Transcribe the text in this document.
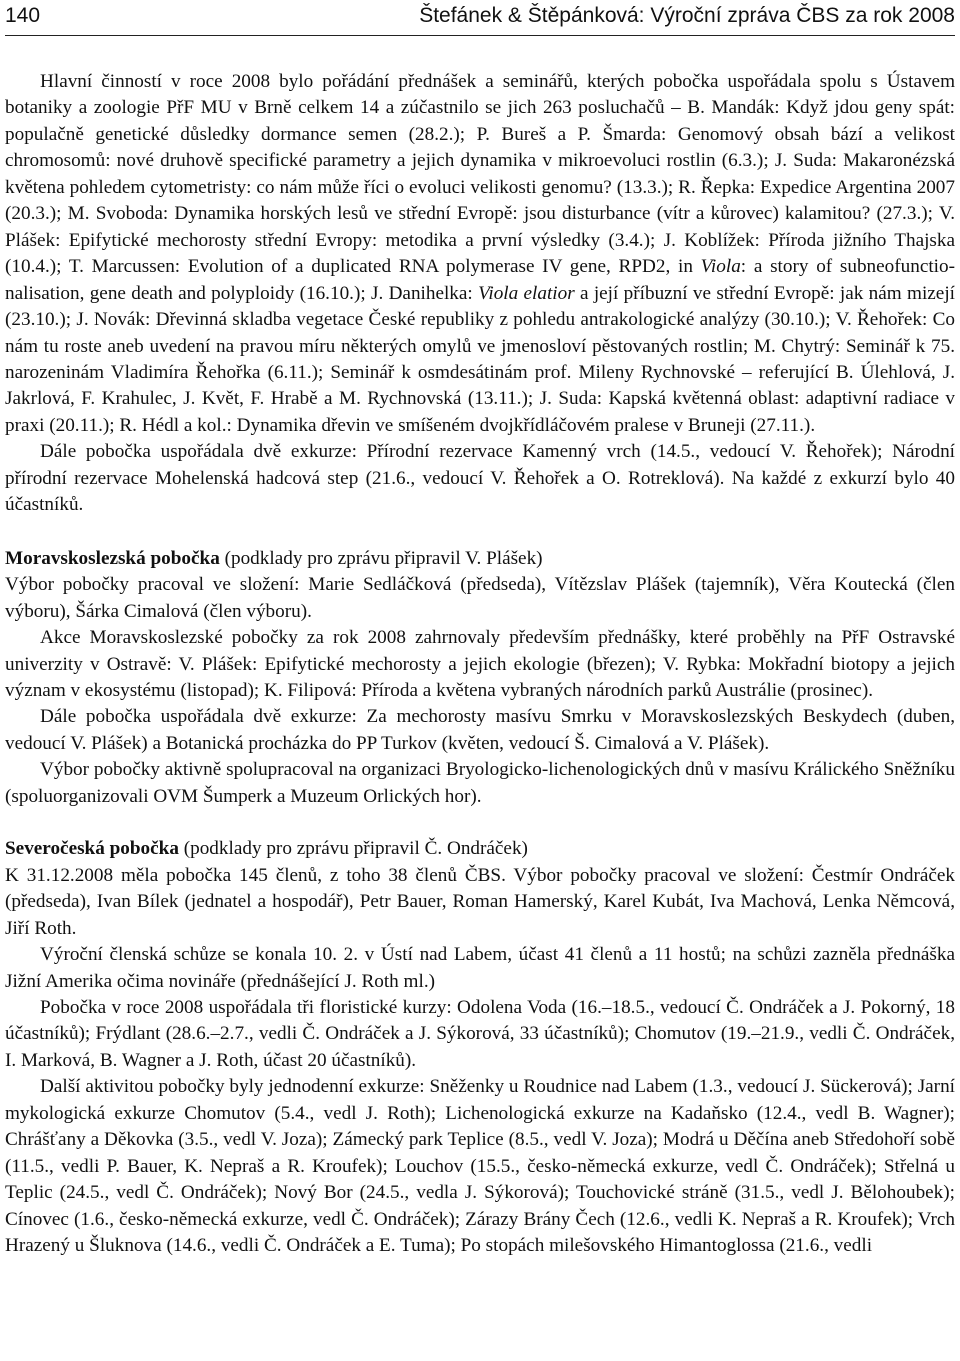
140	Štefánek & Štěpánková: Výroční zpráva ČBS za rok 2008

Hlavní činností v roce 2008 bylo pořádání přednášek a seminářů, kterých pobočka uspořádala spolu s Ústavem botaniky a zoologie PřF MU v Brně celkem 14 a zúčastnilo se jich 263 posluchačů – B. Mandák: Když jdou geny spát: populačně genetické důsledky dormance semen (28.2.); P. Bureš a P. Šmarda: Genomový obsah bází a velikost chromosomů: nové druhově specifické parametry a jejich dynamika v mikroevoluci rostlin (6.3.); J. Suda: Makaronézská květena pohledem cytometristy: co nám může říci o evoluci velikosti genomu? (13.3.); R. Řepka: Expedice Argentina 2007 (20.3.); M. Svoboda: Dynamika horských lesů ve střední Evropě: jsou disturbance (vítr a kůrovec) kalamitou? (27.3.); V. Plášek: Epifytické mechorosty střední Evropy: metodika a první výsledky (3.4.); J. Koblížek: Příroda jižního Thajska (10.4.); T. Marcussen: Evolution of a duplicated RNA polymerase IV gene, RPD2, in Viola: a story of subneofunctionalisation, gene death and polyploidy (16.10.); J. Danihelka: Viola elatior a její příbuzní ve střední Evropě: jak nám mizejí (23.10.); J. Novák: Dřevinná skladba vegetace České republiky z pohledu antrakologické analýzy (30.10.); V. Řehořek: Co nám tu roste aneb uvedení na pravou míru některých omylů ve jmenosloví pěstovaných rostlin; M. Chytrý: Seminář k 75. narozeninám Vladimíra Řehořka (6.11.); Seminář k osmdesátinám prof. Mileny Rychnovské – referující B. Úlehlová, J. Jakrlová, F. Krahulec, J. Květ, F. Hrabě a M. Rychnovská (13.11.); J. Suda: Kapská květenná oblast: adaptivní radiace v praxi (20.11.); R. Hédl a kol.: Dynamika dřevin ve smíšeném dvojkřídláčovém pralese v Bruneji (27.11.).

Dále pobočka uspořádala dvě exkurze: Přírodní rezervace Kamenný vrch (14.5., vedoucí V. Řehořek); Národní přírodní rezervace Mohelenská hadcová step (21.6., vedoucí V. Řehořek a O. Rotreklová). Na každé z exkurzí bylo 40 účastníků.

Moravskoslezská pobočka (podklady pro zprávu připravil V. Plášek)

Výbor pobočky pracoval ve složení: Marie Sedláčková (předseda), Vítězslav Plášek (tajemník), Věra Koutecká (člen výboru), Šárka Cimalová (člen výboru).

Akce Moravskoslezské pobočky za rok 2008 zahrnovaly především přednášky, které proběhly na PřF Ostravské univerzity v Ostravě: V. Plášek: Epifytické mechorosty a jejich ekologie (březen); V. Rybka: Mokřadní biotopy a jejich význam v ekosystému (listopad); K. Filipová: Příroda a květena vybraných národních parků Austrálie (prosinec).

Dále pobočka uspořádala dvě exkurze: Za mechorosty masívu Smrku v Moravskoslezských Beskydech (duben, vedoucí V. Plášek) a Botanická procházka do PP Turkov (květen, vedoucí Š. Cimalová a V. Plášek).

Výbor pobočky aktivně spolupracoval na organizaci Bryologicko-lichenologických dnů v masívu Králického Sněžníku (spoluorganizovali OVM Šumperk a Muzeum Orlických hor).

Severočeská pobočka (podklady pro zprávu připravil Č. Ondráček)

K 31.12.2008 měla pobočka 145 členů, z toho 38 členů ČBS. Výbor pobočky pracoval ve složení: Čestmír Ondráček (předseda), Ivan Bílek (jednatel a hospodář), Petr Bauer, Roman Hamerský, Karel Kubát, Iva Machová, Lenka Němcová, Jiří Roth.

Výroční členská schůze se konala 10. 2. v Ústí nad Labem, účast 41 členů a 11 hostů; na schůzi zazněla přednáška Jižní Amerika očima novináře (přednášející J. Roth ml.)

Pobočka v roce 2008 uspořádala tři floristické kurzy: Odolena Voda (16.–18.5., vedoucí Č. Ondráček a J. Pokorný, 18 účastníků); Frýdlant (28.6.–2.7., vedli Č. Ondráček a J. Sýkorová, 33 účastníků); Chomutov (19.–21.9., vedli Č. Ondráček, I. Marková, B. Wagner a J. Roth, účast 20 účastníků).

Další aktivitou pobočky byly jednodenní exkurze: Sněženky u Roudnice nad Labem (1.3., vedoucí J. Sückerová); Jarní mykologická exkurze Chomutov (5.4., vedl J. Roth); Lichenologická exkurze na Kadaňsko (12.4., vedl B. Wagner); Chrášťany a Děkovka (3.5., vedl V. Joza); Zámecký park Teplice (8.5., vedl V. Joza); Modrá u Děčína aneb Středohoří sobě (11.5., vedli P. Bauer, K. Nepraš a R. Kroufek); Louchov (15.5., česko-německá exkurze, vedl Č. Ondráček); Střelná u Teplic (24.5., vedl Č. Ondráček); Nový Bor (24.5., vedla J. Sýkorová); Touchovické stráně (31.5., vedl J. Bělohoubek); Cínovec (1.6., česko-německá exkurze, vedl Č. Ondráček); Zárazy Brány Čech (12.6., vedli K. Nepraš a R. Kroufek); Vrch Hrazený u Šluknova (14.6., vedli Č. Ondráček a E. Tuma); Po stopách milešovského Himantoglossa (21.6., vedli
